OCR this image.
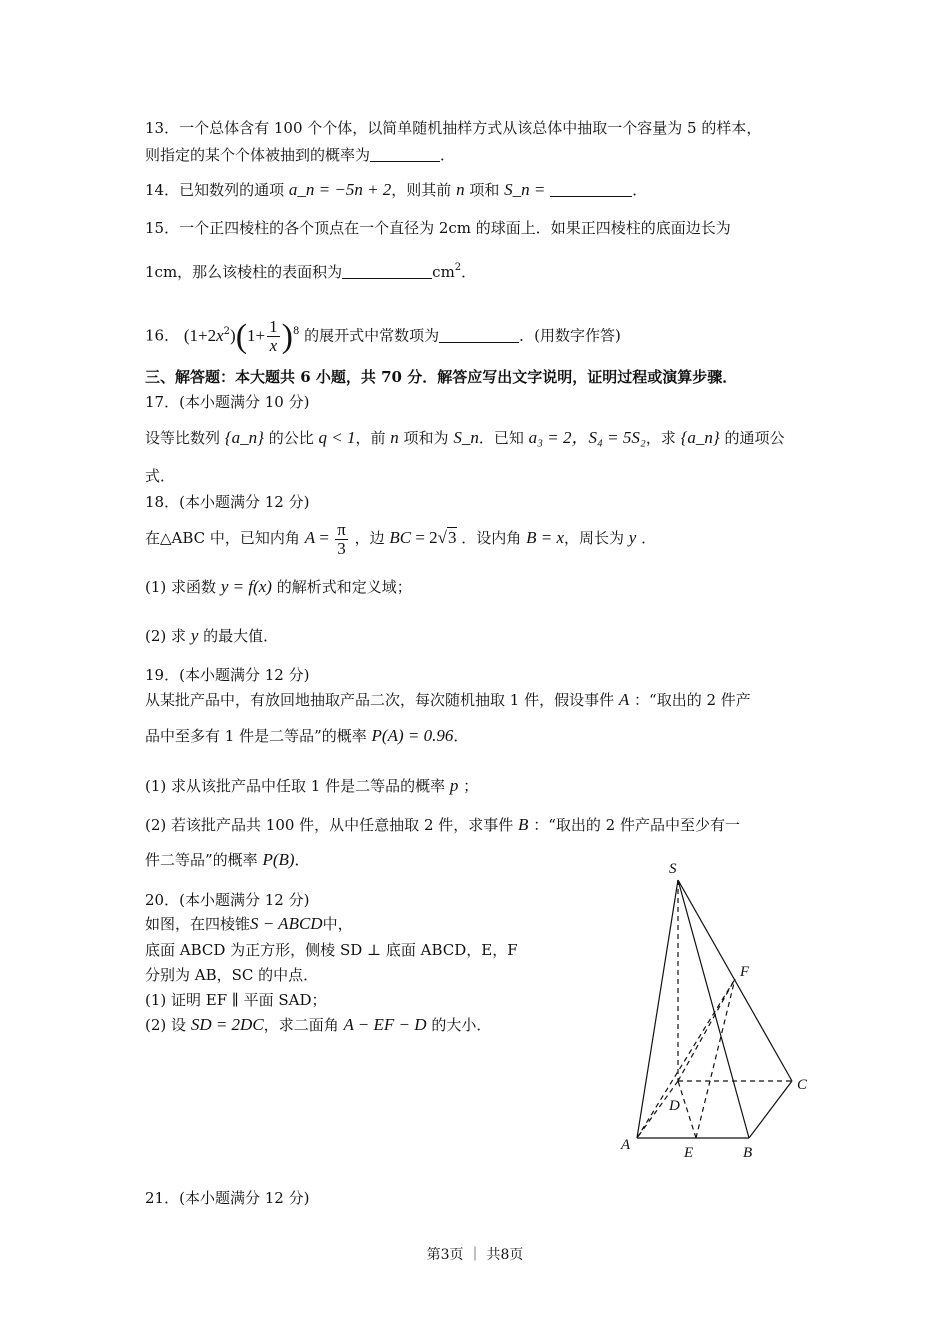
13．一个总体含有 100 个个体，以简单随机抽样方式从该总体中抽取一个容量为 5 的样本，
则指定的某个个体被抽到的概率为	．
14．已知数列的通项 a_n = −5n + 2，则其前 n 项和 S_n =	．
15．一个正四棱柱的各个顶点在一个直径为 2cm 的球面上．如果正四棱柱的底面边长为
1cm，那么该棱柱的表面积为	$cm^2$．
16． $(1+2x^2)(1+ \frac{1}{x} )^8$ 的展开式中常数项为	．(用数字作答)
三、解答题：本大题共 6 小题，共 70 分．解答应写出文字说明，证明过程或演算步骤．
17．(本小题满分 10 分)
设等比数列 {a_n} 的公比 q < 1，前 n 项和为 S_n．已知 a₃ = 2，S₄ = 5S₂，求 {a_n} 的通项公
式．
18．(本小题满分 12 分)
在△ABC 中，已知内角 $A = \frac{\pi}{3}$ ，边 BC = 2√3 ．设内角 B = x，周长为 y ．
(1) 求函数 y = f(x) 的解析式和定义域；
(2) 求 y 的最大值．
19．(本小题满分 12 分)
从某批产品中，有放回地抽取产品二次，每次随机抽取 1 件，假设事件 A ：“取出的 2 件产
品中至多有 1 件是二等品”的概率 P(A) = 0.96．
(1) 求从该批产品中任取 1 件是二等品的概率 p ；
(2) 若该批产品共 100 件，从中任意抽取 2 件，求事件 B ：“取出的 2 件产品中至少有一
件二等品”的概率 P(B)．
20．(本小题满分 12 分)
如图，在四棱锥S − ABCD中，
底面 ABCD 为正方形，侧棱 SD ⊥ 底面 ABCD，E，F
分别为 AB，SC 的中点．
(1) 证明 EF ∥ 平面 SAD；
(2) 设 SD = 2DC，求二面角 A − EF − D 的大小．
S
F
C
D
A	E	B
21．(本小题满分 12 分)
第3页 ｜ 共8页
